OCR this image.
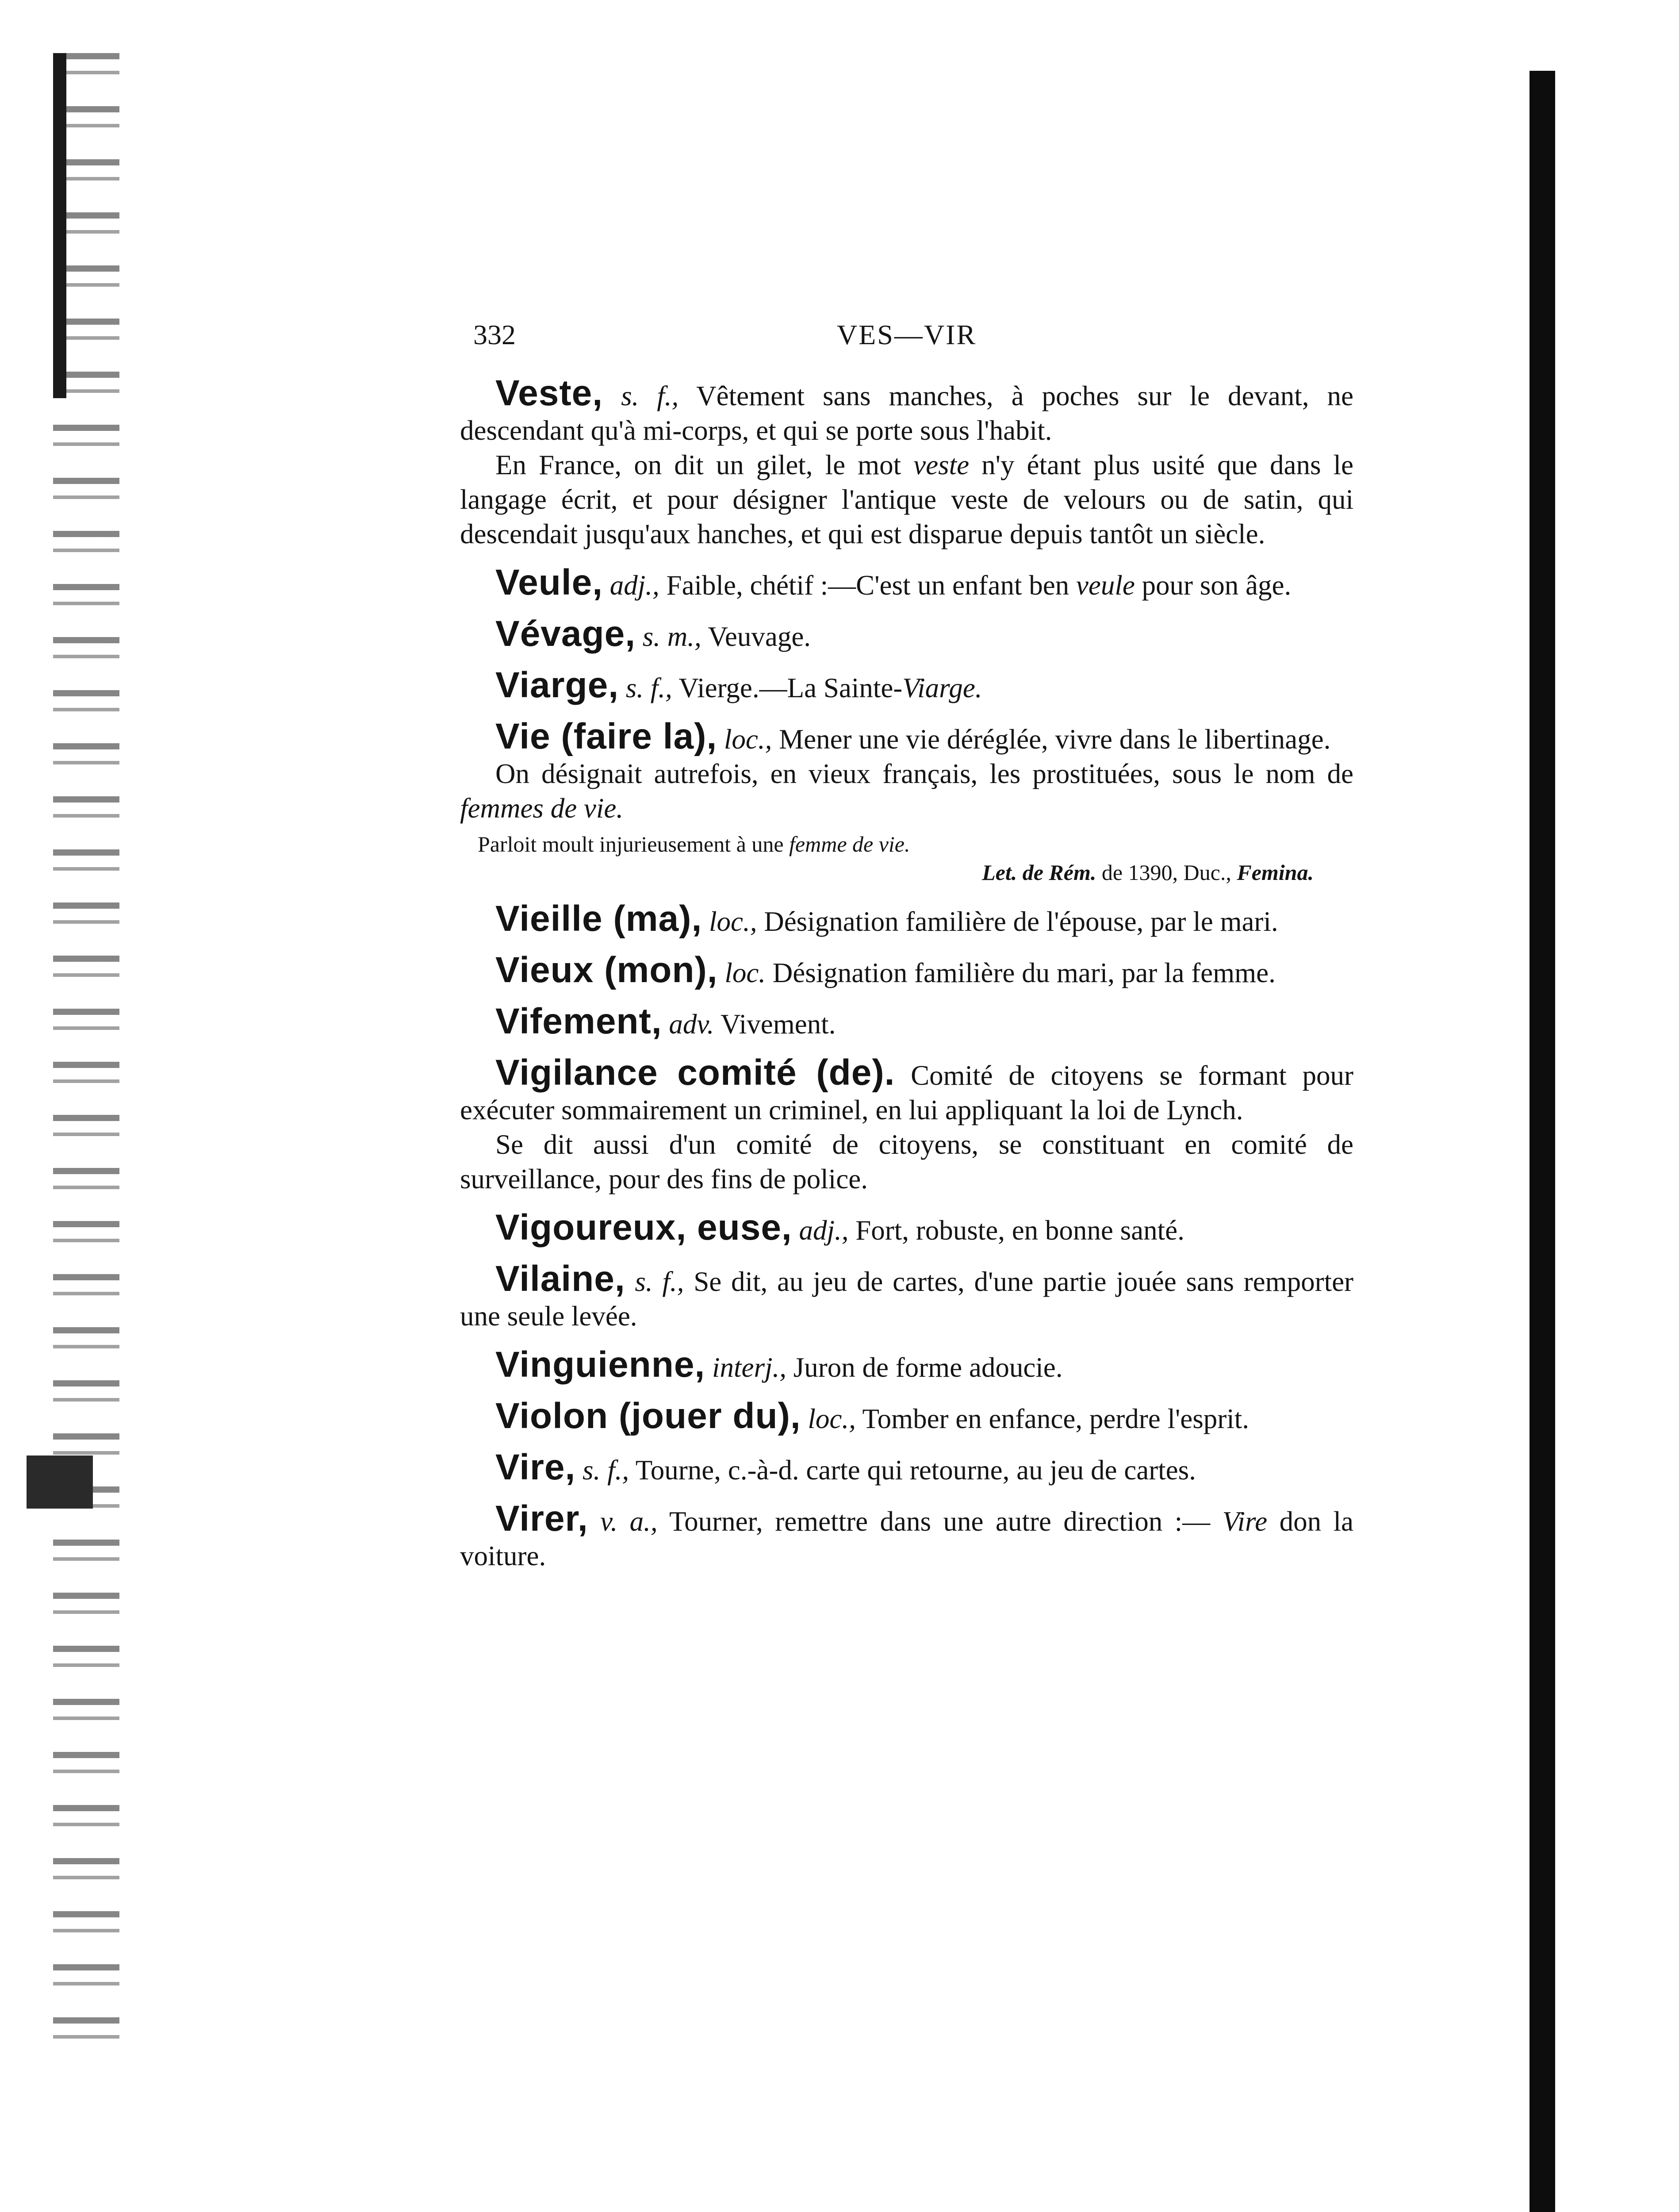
332	VES—VIR

Veste, s. f., Vêtement sans manches, à poches sur le devant, ne descendant qu'à mi-corps, et qui se porte sous l'habit.

En France, on dit un gilet, le mot veste n'y étant plus usité que dans le langage écrit, et pour désigner l'antique veste de velours ou de satin, qui descendait jusqu'aux hanches, et qui est disparue depuis tantôt un siècle.

Veule, adj., Faible, chétif :—C'est un enfant ben veule pour son âge.

Vévage, s. m., Veuvage.

Viarge, s. f., Vierge.—La Sainte-Viarge.

Vie (faire la), loc., Mener une vie déréglée, vivre dans le libertinage.

On désignait autrefois, en vieux français, les prostituées, sous le nom de femmes de vie.

Parloit moult injurieusement à une femme de vie.
Let. de Rém. de 1390, Duc., Femina.

Vieille (ma), loc., Désignation familière de l'épouse, par le mari.

Vieux (mon), loc. Désignation familière du mari, par la femme.

Vifement, adv. Vivement.

Vigilance comité (de). Comité de citoyens se formant pour exécuter sommairement un criminel, en lui appliquant la loi de Lynch.

Se dit aussi d'un comité de citoyens, se constituant en comité de surveillance, pour des fins de police.

Vigoureux, euse, adj., Fort, robuste, en bonne santé.

Vilaine, s. f., Se dit, au jeu de cartes, d'une partie jouée sans remporter une seule levée.

Vinguienne, interj., Juron de forme adoucie.

Violon (jouer du), loc., Tomber en enfance, perdre l'esprit.

Vire, s. f., Tourne, c.-à-d. carte qui retourne, au jeu de cartes.

Virer, v. a., Tourner, remettre dans une autre direction :— Vire don la voiture.
